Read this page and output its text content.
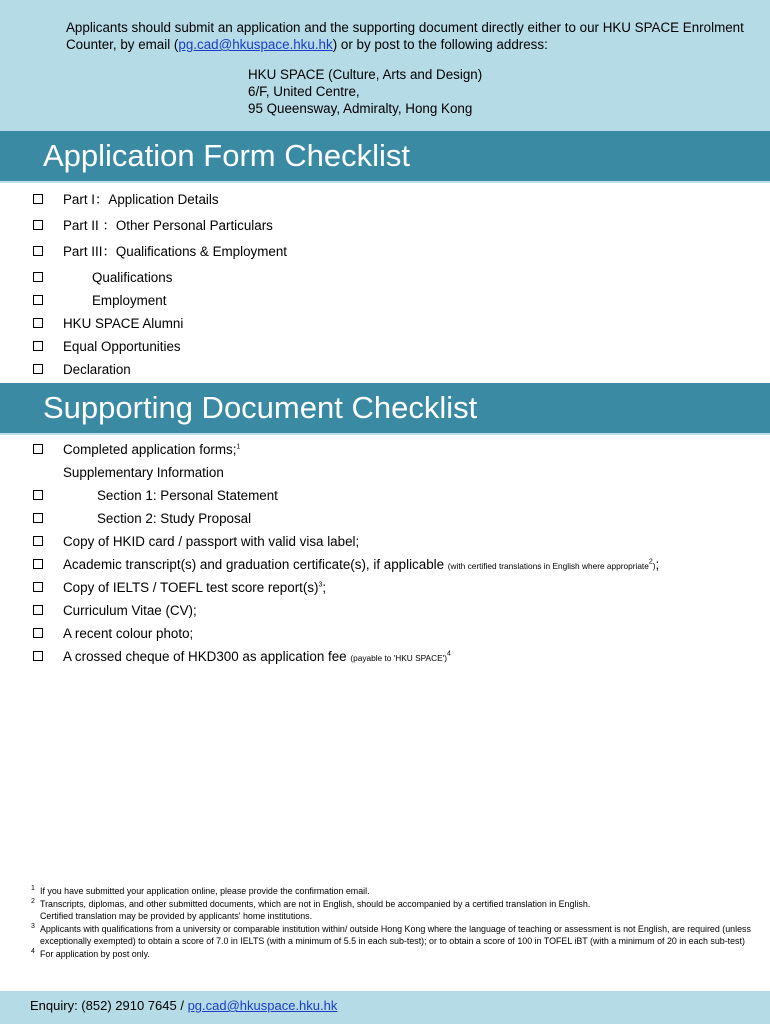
Applicants should submit an application and the supporting document directly either to our HKU SPACE Enrolment Counter, by email (pg.cad@hkuspace.hku.hk) or by post to the following address:

HKU SPACE (Culture, Arts and Design)
6/F, United Centre,
95 Queensway, Admiralty, Hong Kong
Application Form Checklist
Part I：Application Details
Part II ：Other Personal Particulars
Part III：Qualifications & Employment
Qualifications
Employment
HKU SPACE Alumni
Equal Opportunities
Declaration
Supporting Document Checklist
Completed application forms;$^1$
Supplementary Information
Section 1: Personal Statement
Section 2: Study Proposal
Copy of HKID card / passport with valid visa label;
Academic transcript(s) and graduation certificate(s), if applicable (with certified translations in English where appropriate$^2$);
Copy of IELTS / TOEFL test score $report(s)^3$;
Curriculum Vitae (CV);
A recent colour photo;
A crossed cheque of HKD300 as application fee (payable to 'HKU SPACE')$^4$
1 If you have submitted your application online, please provide the confirmation email.
2 Transcripts, diplomas, and other submitted documents, which are not in English, should be accompanied by a certified translation in English.
Certified translation may be provided by applicants' home institutions.
3 Applicants with qualifications from a university or comparable institution within/ outside Hong Kong where the language of teaching or assessment is not English, are required (unless exceptionally exempted) to obtain a score of 7.0 in IELTS (with a minimum of 5.5 in each sub-test); or to obtain a score of 100 in TOFEL iBT (with a minimum of 20 in each sub-test)
4 For application by post only.
Enquiry: (852) 2910 7645 / pg.cad@hkuspace.hku.hk
